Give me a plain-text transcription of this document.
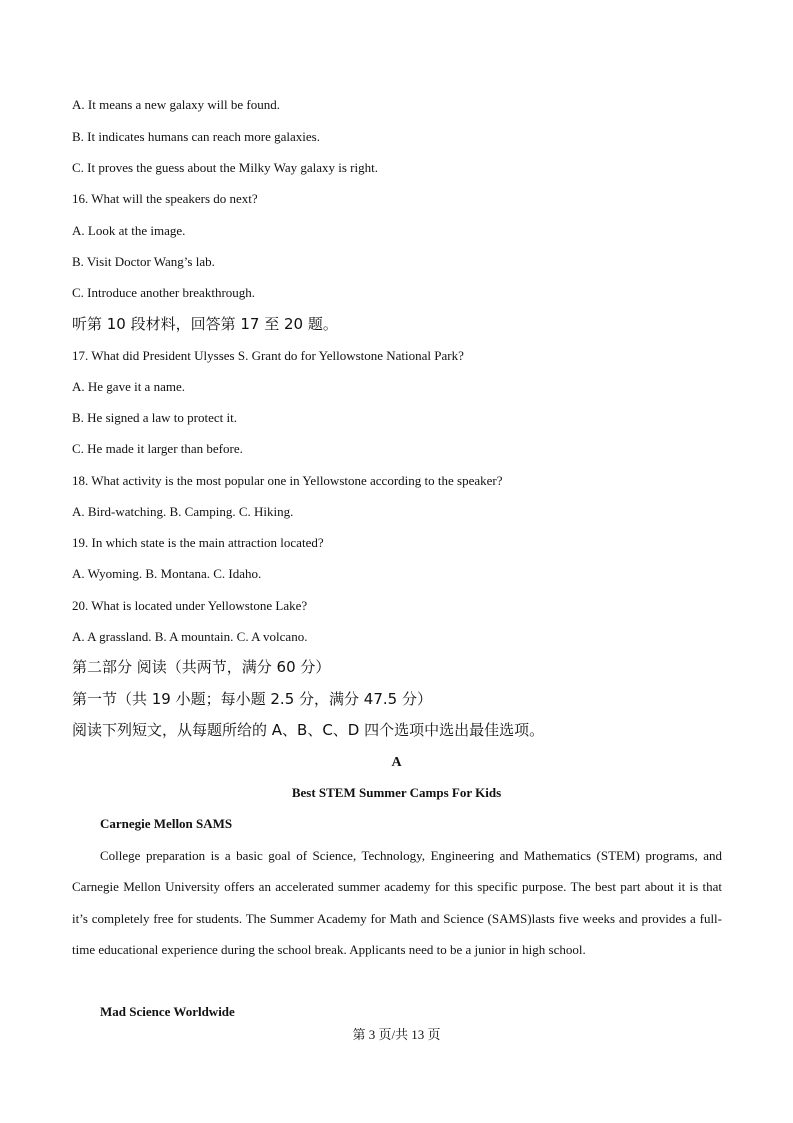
A. It means a new galaxy will be found.
B. It indicates humans can reach more galaxies.
C. It proves the guess about the Milky Way galaxy is right.
16. What will the speakers do next?
A. Look at the image.
B. Visit Doctor Wang’s lab.
C. Introduce another breakthrough.
听第 10 段材料，回答第 17 至 20 题。
17. What did President Ulysses S. Grant do for Yellowstone National Park?
A. He gave it a name.
B. He signed a law to protect it.
C. He made it larger than before.
18. What activity is the most popular one in Yellowstone according to the speaker?
A. Bird-watching. B. Camping. C. Hiking.
19. In which state is the main attraction located?
A. Wyoming. B. Montana. C. Idaho.
20. What is located under Yellowstone Lake?
A. A grassland. B. A mountain. C. A volcano.
第二部分 阅读（共两节，满分 60 分）
第一节（共 19 小题；每小题 2.5 分，满分 47.5 分）
阅读下列短文，从每题所给的 A、B、C、D 四个选项中选出最佳选项。
A
Best STEM Summer Camps For Kids
Carnegie Mellon SAMS
College preparation is a basic goal of Science, Technology, Engineering and Mathematics (STEM) programs, and Carnegie Mellon University offers an accelerated summer academy for this specific purpose. The best part about it is that it’s completely free for students. The Summer Academy for Math and Science (SAMS)lasts five weeks and provides a full-time educational experience during the school break. Applicants need to be a junior in high school.
Mad Science Worldwide
第 3 页/共 13 页
